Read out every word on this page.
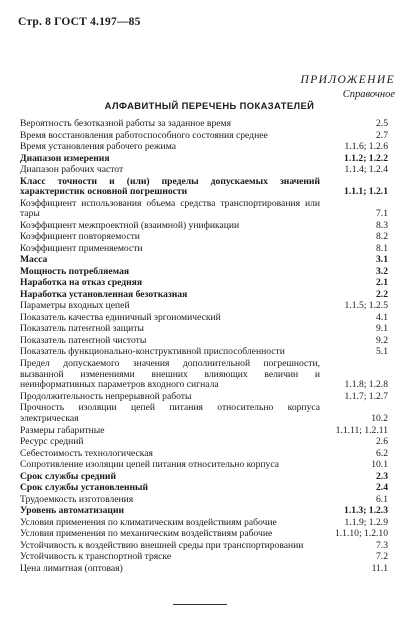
Стр. 8 ГОСТ 4.197—85
ПРИЛОЖЕНИЕ
Справочное
АЛФАВИТНЫЙ ПЕРЕЧЕНЬ ПОКАЗАТЕЛЕЙ
Вероятность безотказной работы за заданное время	2.5
Время восстановления работоспособного состояния среднее	2.7
Время установления рабочего режима	1.1.6; 1.2.6
Диапазон измерения	1.1.2; 1.2.2
Диапазон рабочих частот	1.1.4; 1.2.4
Класс точности и (или) пределы допускаемых значений характеристик основной погрешности	1.1.1; 1.2.1
Коэффициент использования объема средства транспортирования или тары	7.1
Коэффициент межпроектной (взаимной) унификации	8.3
Коэффициент повторяемости	8.2
Коэффициент применяемости	8.1
Масса	3.1
Мощность потребляемая	3.2
Наработка на отказ средняя	2.1
Наработка установленная безотказная	2.2
Параметры входных цепей	1.1.5; 1.2.5
Показатель качества единичный эргономический	4.1
Показатель патентной защиты	9.1
Показатель патентной чистоты	9.2
Показатель функционально-конструктивной приспособленности	5.1
Предел допускаемого значения дополнительной погрешности, вызванной изменениями внешних влияющих величин и неинформативных параметров входного сигнала	1.1.8; 1.2.8
Продолжительность непрерывной работы	1.1.7; 1.2.7
Прочность изоляции цепей питания относительно корпуса электрическая	10.2
Размеры габаритные	1.1.11; 1.2.11
Ресурс средний	2.6
Себестоимость технологическая	6.2
Сопротивление изоляции цепей питания относительно корпуса	10.1
Срок службы средний	2.3
Срок службы установленный	2.4
Трудоемкость изготовления	6.1
Уровень автоматизации	1.1.3; 1.2.3
Условия применения по климатическим воздействиям рабочие	1.1.9; 1.2.9
Условия применения по механическим воздействиям рабочие	1.1.10; 1.2.10
Устойчивость к воздействию внешней среды при транспортировании	7.3
Устойчивость к транспортной тряске	7.2
Цена лимитная (оптовая)	11.1
